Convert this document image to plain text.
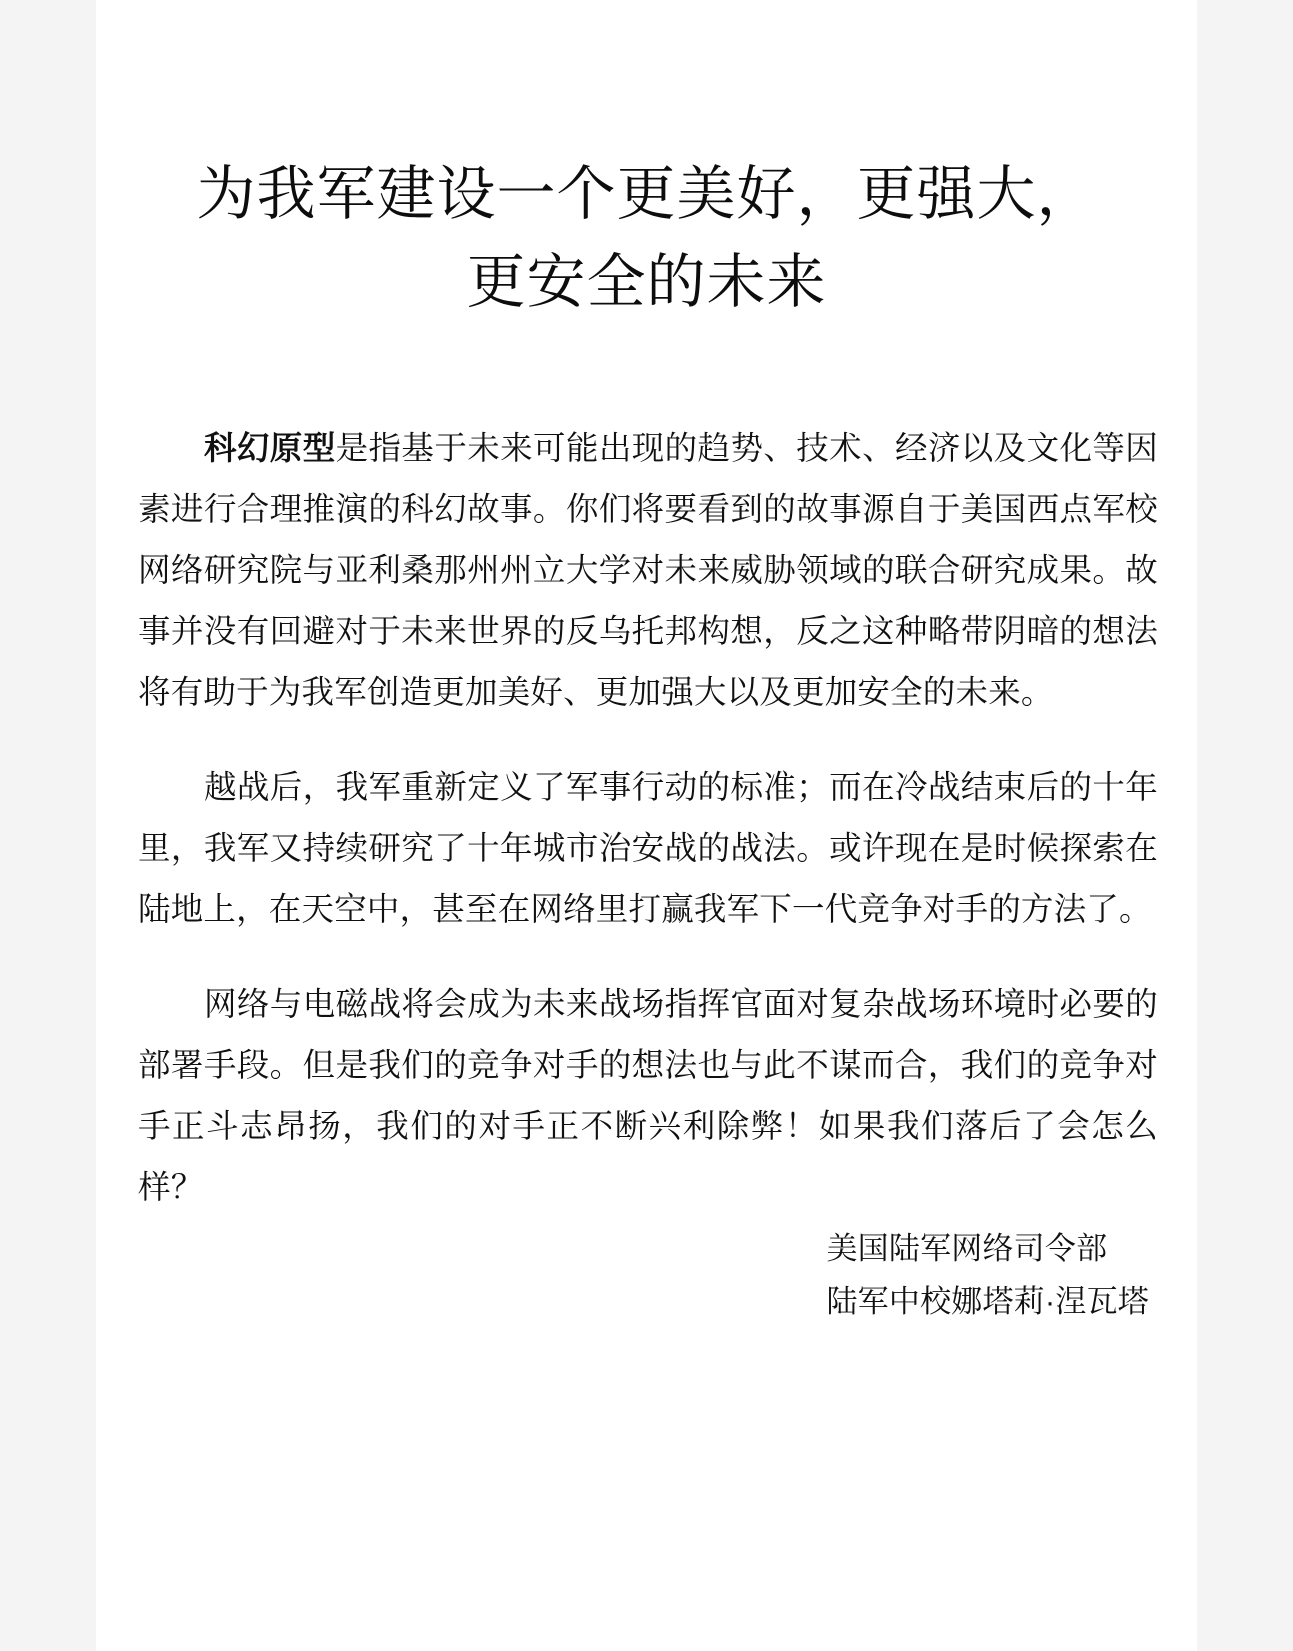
为我军建设一个更美好，更强大，
更安全的未来

科幻原型是指基于未来可能出现的趋势、技术、经济以及文化等因素进行合理推演的科幻故事。你们将要看到的故事源自于美国西点军校网络研究院与亚利桑那州州立大学对未来威胁领域的联合研究成果。故事并没有回避对于未来世界的反乌托邦构想，反之这种略带阴暗的想法将有助于为我军创造更加美好、更加强大以及更加安全的未来。

越战后，我军重新定义了军事行动的标准；而在冷战结束后的十年里，我军又持续研究了十年城市治安战的战法。或许现在是时候探索在陆地上，在天空中，甚至在网络里打赢我军下一代竞争对手的方法了。

网络与电磁战将会成为未来战场指挥官面对复杂战场环境时必要的部署手段。但是我们的竞争对手的想法也与此不谋而合，我们的竞争对手正斗志昂扬，我们的对手正不断兴利除弊！如果我们落后了会怎么样？

美国陆军网络司令部
陆军中校娜塔莉·涅瓦塔
